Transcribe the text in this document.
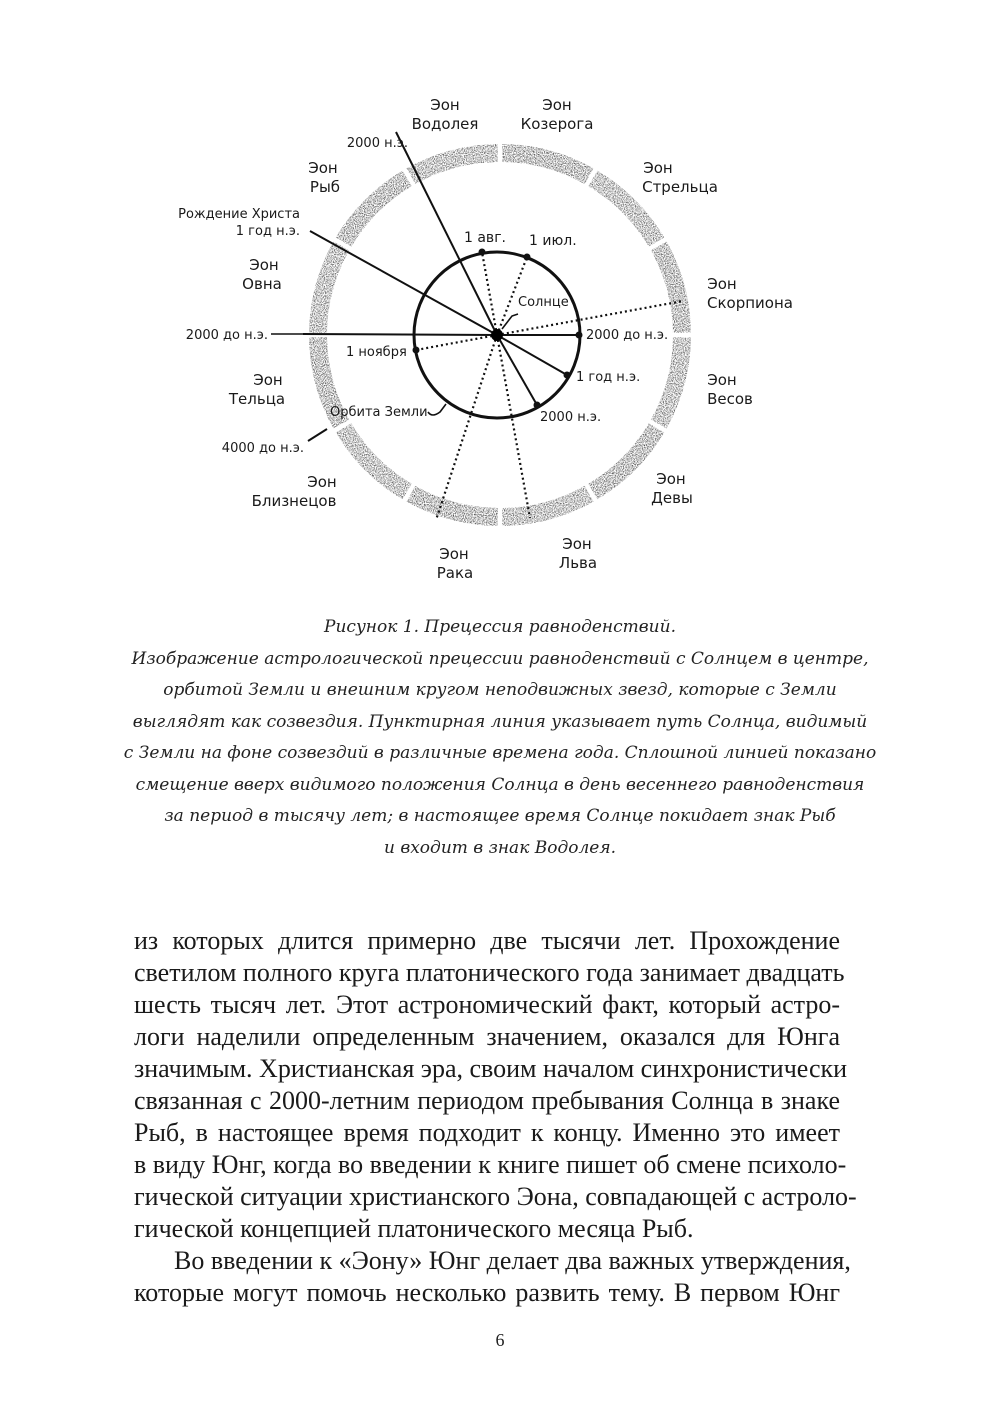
Эон
Водолея
Эон
Козерога
Эон
Стрельца
Эон
Скорпиона
Эон
Весов
Эон
Девы
Эон
Льва
Эон
Рака
Эон
Близнецов
Эон
Тельца
Эон
Овна
Эон
Рыб
2000 н.э.
Рождение Христа
1 год н.э.
2000 до н.э.
4000 до н.э.
1 авг. 1 июл.
Солнце
1 ноября
Орбита Земли
2000 до н.э.
1 год н.э.
2000 н.э.
Рисунок 1. Прецессия равноденствий.
Изображение астрологической прецессии равноденствий с Солнцем в центре,
орбитой Земли и внешним кругом неподвижных звезд, которые с Земли
выглядят как созвездия. Пунктирная линия указывает путь Солнца, видимый
с Земли на фоне созвездий в различные времена года. Сплошной линией показано
смещение вверх видимого положения Солнца в день весеннего равноденствия
за период в тысячу лет; в настоящее время Солнце покидает знак Рыб
и входит в знак Водолея.
из которых длится примерно две тысячи лет. Прохождение
светилом полного круга платонического года занимает двадцать
шесть тысяч лет. Этот астрономический факт, который астро-
логи наделили определенным значением, оказался для Юнга
значимым. Христианская эра, своим началом синхронистически
связанная с 2000-летним периодом пребывания Солнца в знаке
Рыб, в настоящее время подходит к концу. Именно это имеет
в виду Юнг, когда во введении к книге пишет об смене психоло-
гической ситуации христианского Эона, совпадающей с астроло-
гической концепцией платонического месяца Рыб.
Во введении к «Эону» Юнг делает два важных утверждения,
которые могут помочь несколько развить тему. В первом Юнг
6
